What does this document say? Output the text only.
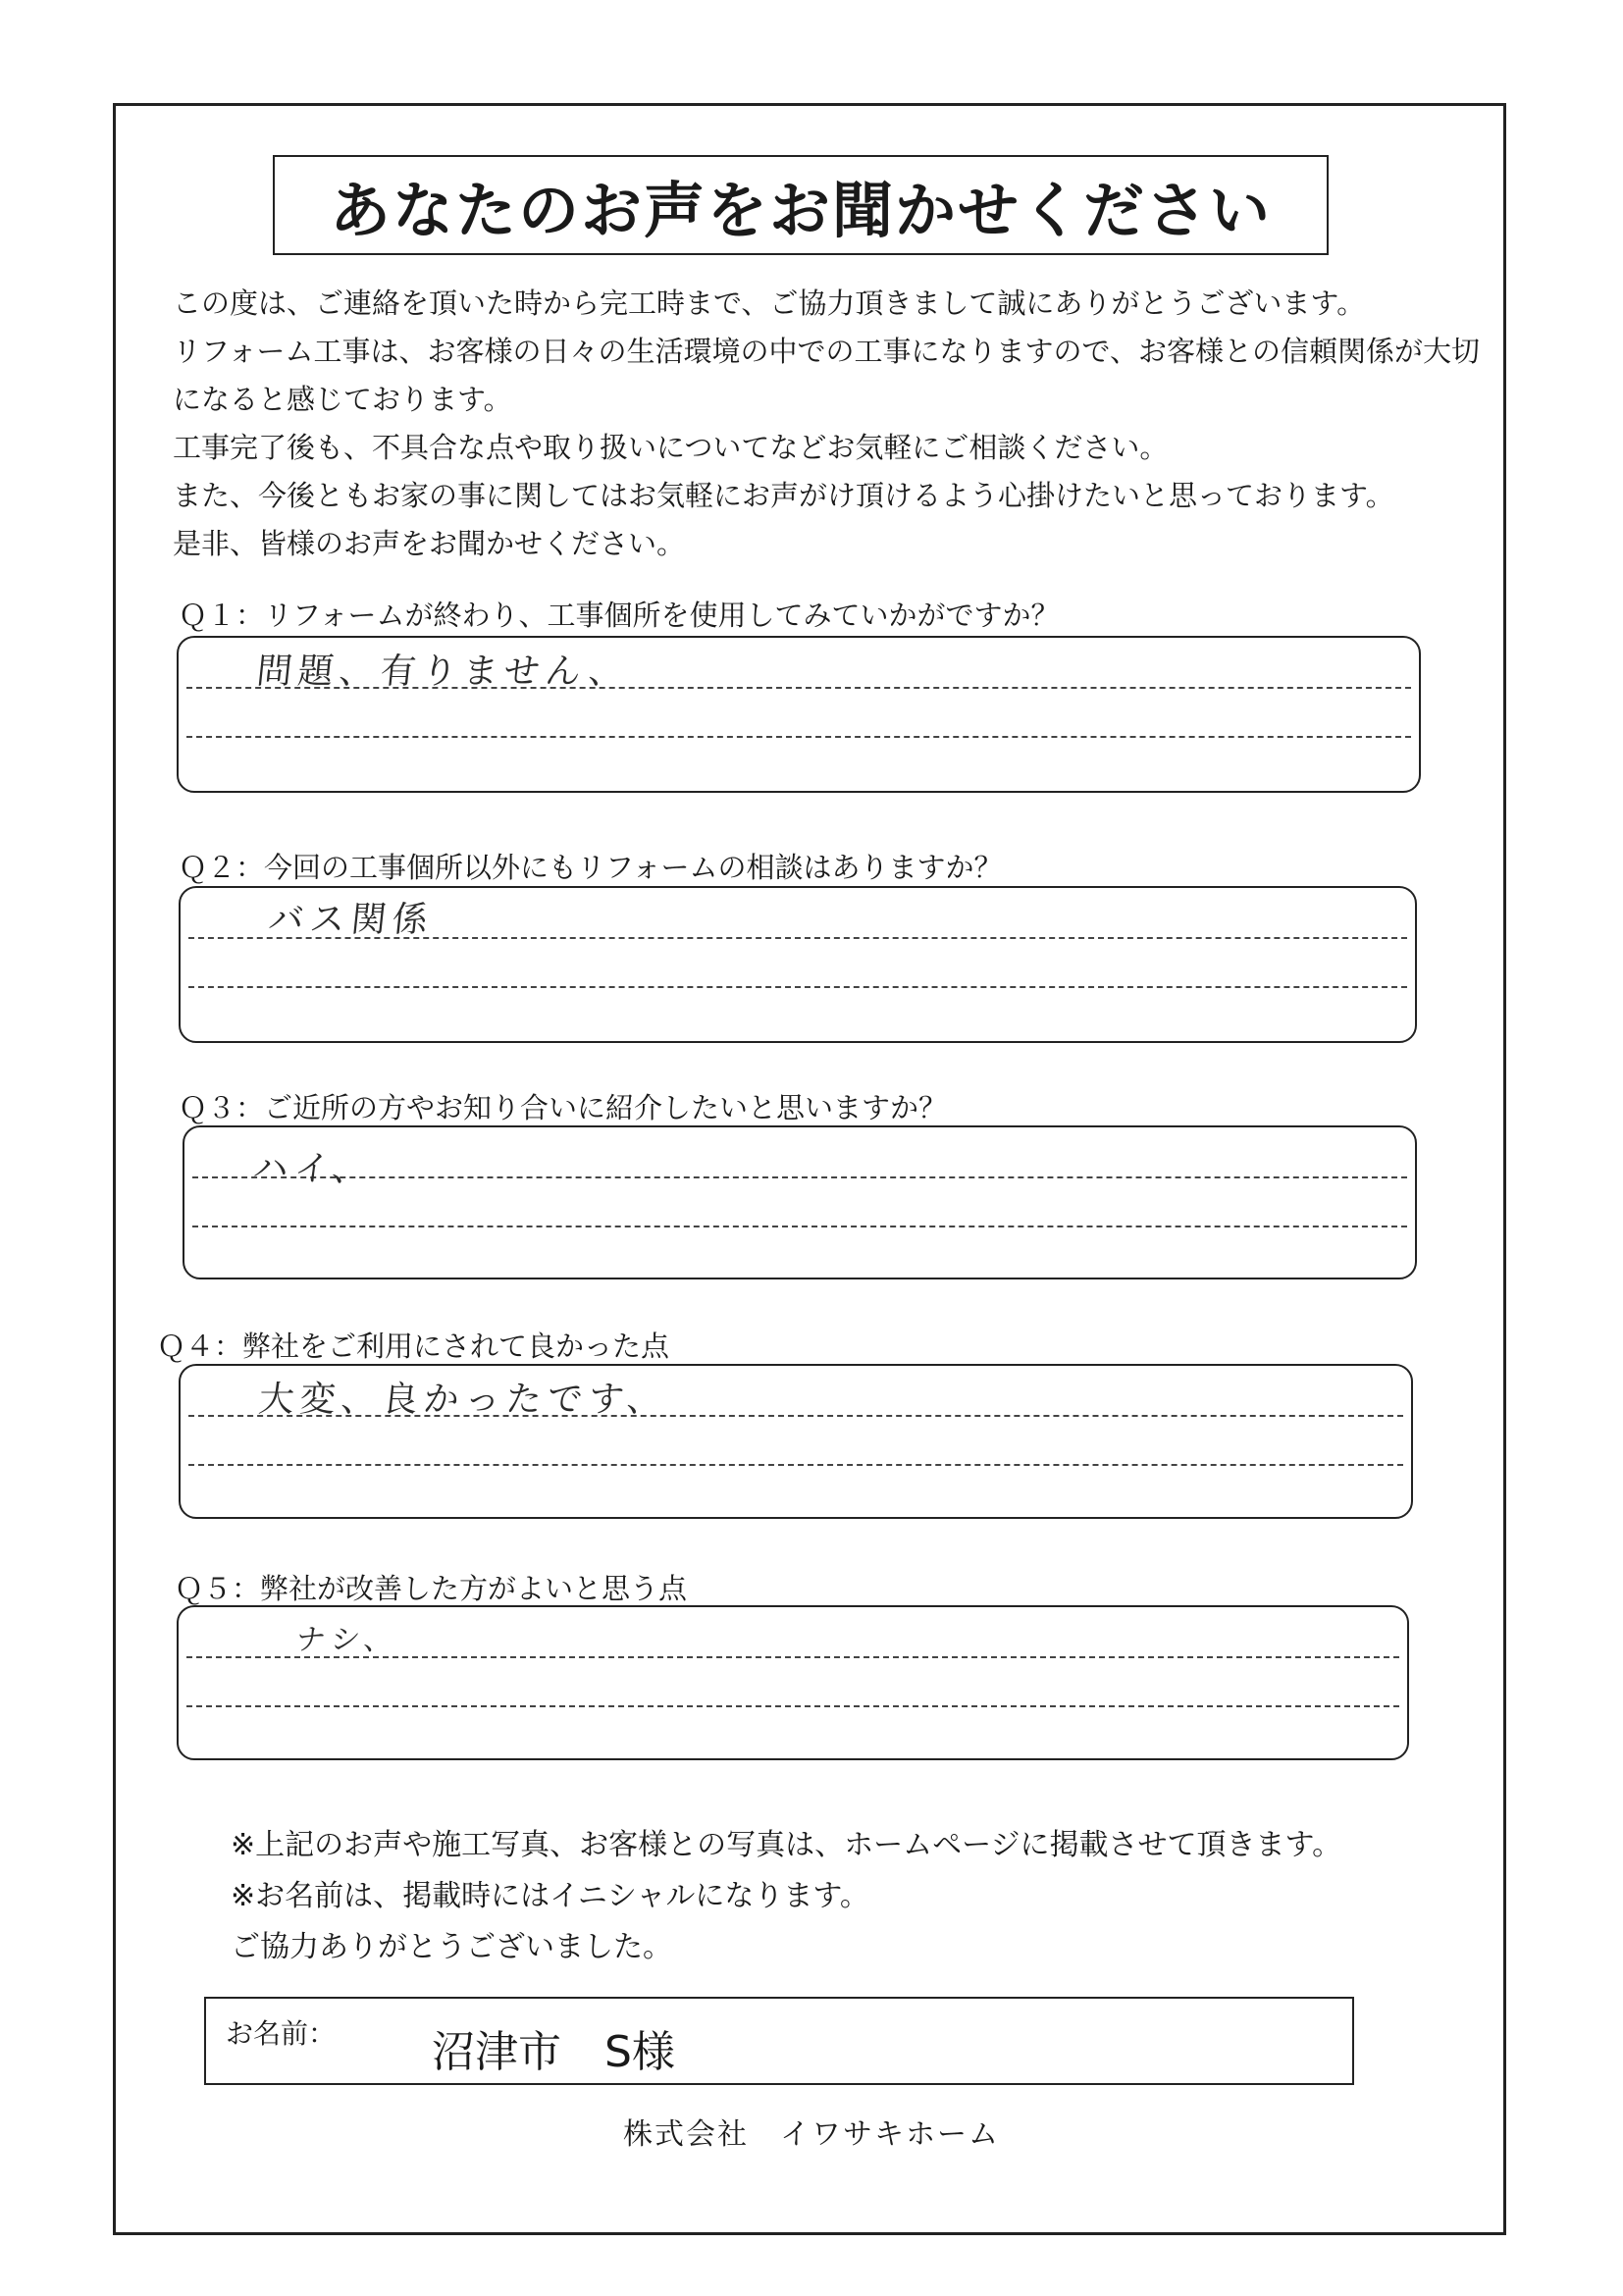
あなたのお声をお聞かせください
この度は、ご連絡を頂いた時から完工時まで、ご協力頂きまして誠にありがとうございます。
リフォーム工事は、お客様の日々の生活環境の中での工事になりますので、お客様との信頼関係が大切
になると感じております。
工事完了後も、不具合な点や取り扱いについてなどお気軽にご相談ください。
また、今後ともお家の事に関してはお気軽にお声がけ頂けるよう心掛けたいと思っております。
是非、皆様のお声をお聞かせください。
Ｑ１：リフォームが終わり、工事個所を使用してみていかがですか？
問題、有りません、
Ｑ２：今回の工事個所以外にもリフォームの相談はありますか？
バス関係
Ｑ３：ご近所の方やお知り合いに紹介したいと思いますか？
ハイ、
Ｑ４：弊社をご利用にされて良かった点
大変、良かったです、
Ｑ５：弊社が改善した方がよいと思う点
ナシ、
※上記のお声や施工写真、お客様との写真は、ホームページに掲載させて頂きます。
※お名前は、掲載時にはイニシャルになります。
ご協力ありがとうございました。
お名前： 沼津市　S様
株式会社　イワサキホーム
